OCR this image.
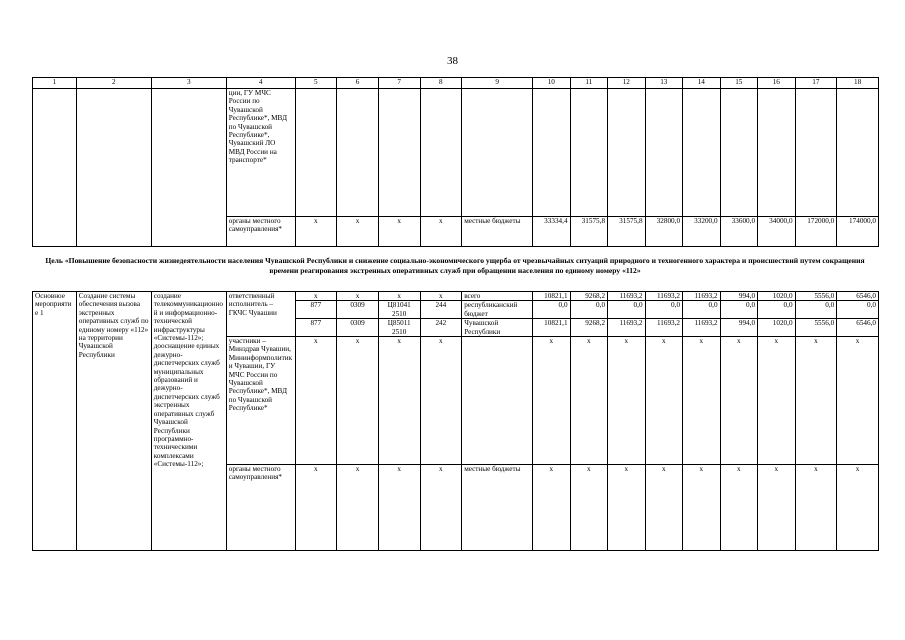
38
1	2	3	4	5	6	7	8	9	10	11	12	13	14	15	16	17	18
			ции, ГУ МЧС России по Чувашской Республике*, МВД по Чувашской Республике*, Чувашский ЛО МВД России на транспорте*														
			органы местного самоуправления*	x	x	x	x	местные бюджеты	33334,4	31575,8	31575,8	32800,0	33200,0	33600,0	34000,0	172000,0	174000,0
Цель «Повышение безопасности жизнедеятельности населения Чувашской Республики и снижение социально-экономического ущерба от чрезвычайных ситуаций природного и техногенного характера и происшествий путем сокращения времени реагирования экстренных оперативных служб при обращении населения по единому номеру «112»
Основное мероприятие 1	Создание системы обеспечения вызова экстренных оперативных служб по единому номеру «112» на территории Чувашской Республики	создание телекоммуникационной и информационно-технической инфраструктуры «Системы-112»; дооснащение единых дежурно-диспетчерских служб муниципальных образований и дежурно-диспетчерских служб экстренных оперативных служб Чувашской Республики программно-техническими комплексами «Системы-112»;	ответственный исполнитель – ГКЧС Чувашии	x	x	x	x	всего	10821,1	9268,2	11693,2	11693,2	11693,2	994,0	1020,0	5556,0	6546,0
				877	0309	Ц81041 2510	244	республиканский бюджет	0,0	0,0	0,0	0,0	0,0	0,0	0,0	0,0	0,0
				877	0309	Ц85011 2510	242	Чувашской Республики	10821,1	9268,2	11693,2	11693,2	11693,2	994,0	1020,0	5556,0	6546,0
			участники – Минздрав Чувашии, Мининформполитики Чувашии, ГУ МЧС России по Чувашской Республике*, МВД по Чувашской Республике*	x	x	x	x		x	x	x	x	x	x	x	x	x
			органы местного самоуправления*	x	x	x	x	местные бюджеты	x	x	x	x	x	x	x	x	x
